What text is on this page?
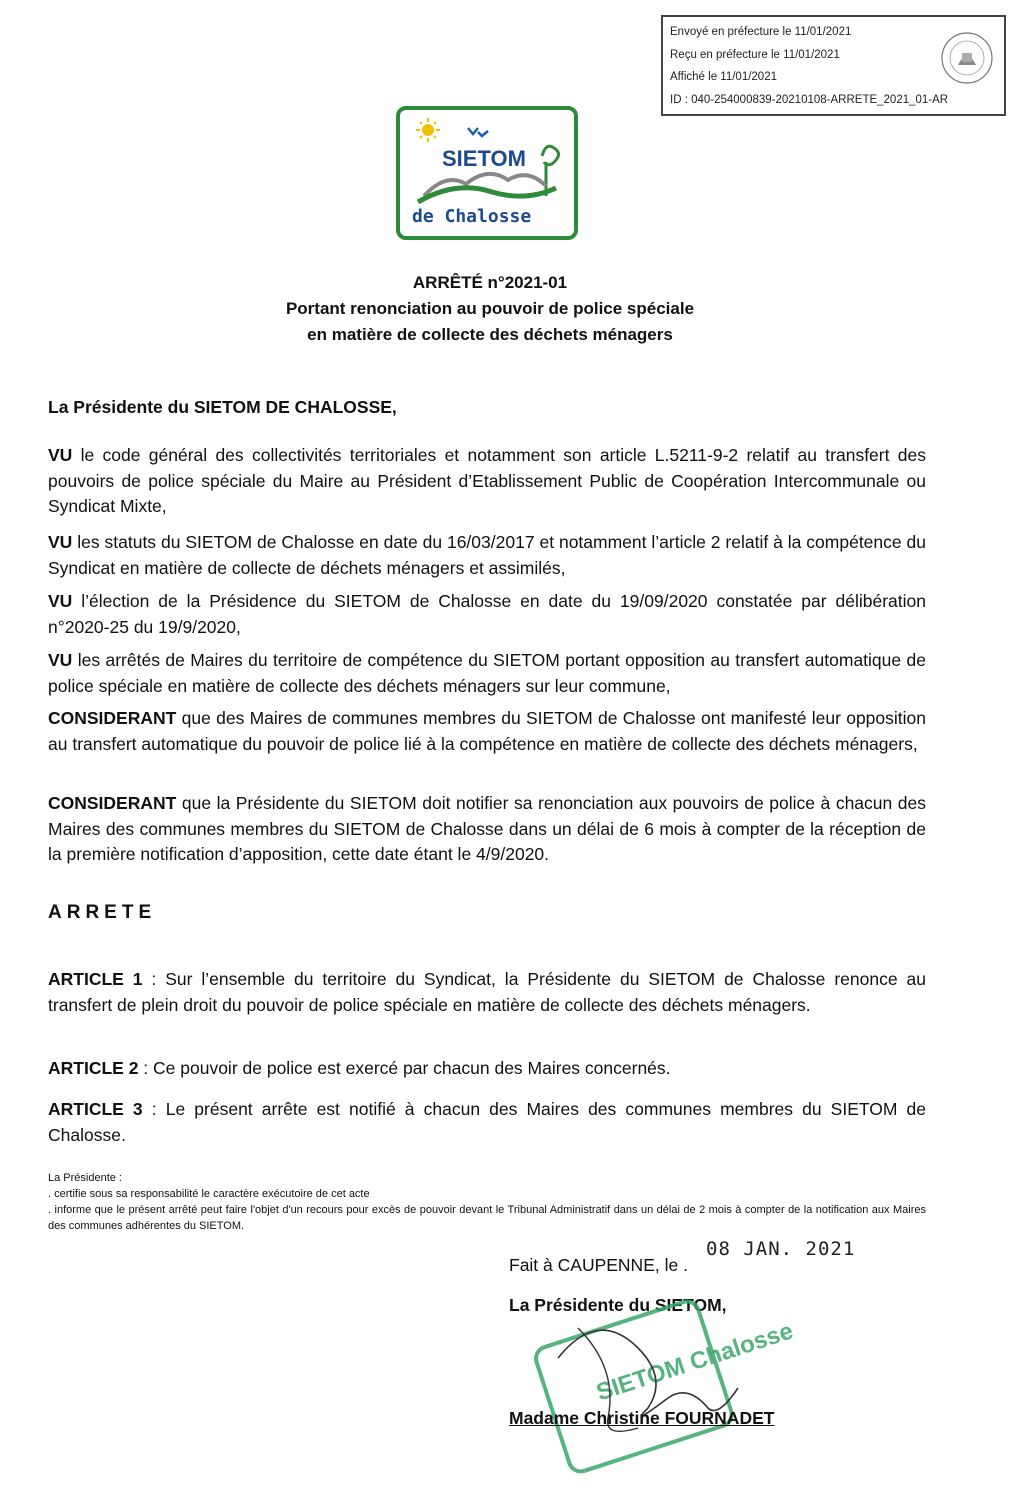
Envoyé en préfecture le 11/01/2021
Reçu en préfecture le 11/01/2021
Affiché le 11/01/2021
ID : 040-254000839-20210108-ARRETE_2021_01-AR
SIETOM
de Chalosse
ARRÊTÉ n°2021-01
Portant renonciation au pouvoir de police spéciale
en matière de collecte des déchets ménagers
La Présidente du SIETOM DE CHALOSSE,
VU le code général des collectivités territoriales et notamment son article L.5211-9-2 relatif au transfert des pouvoirs de police spéciale du Maire au Président d’Etablissement Public de Coopération Intercommunale ou Syndicat Mixte,
VU les statuts du SIETOM de Chalosse en date du 16/03/2017 et notamment l’article 2 relatif à la compétence du Syndicat en matière de collecte de déchets ménagers et assimilés,
VU l’élection de la Présidence du SIETOM de Chalosse en date du 19/09/2020 constatée par délibération n°2020-25 du 19/9/2020,
VU les arrêtés de Maires du territoire de compétence du SIETOM portant opposition au transfert automatique de police spéciale en matière de collecte des déchets ménagers sur leur commune,
CONSIDERANT que des Maires de communes membres du SIETOM de Chalosse ont manifesté leur opposition au transfert automatique du pouvoir de police lié à la compétence en matière de collecte des déchets ménagers,
CONSIDERANT que la Présidente du SIETOM doit notifier sa renonciation aux pouvoirs de police à chacun des Maires des communes membres du SIETOM de Chalosse dans un délai de 6 mois à compter de la réception de la première notification d’apposition, cette date étant le 4/9/2020.
ARRETE
ARTICLE 1 : Sur l’ensemble du territoire du Syndicat, la Présidente du SIETOM de Chalosse renonce au transfert de plein droit du pouvoir de police spéciale en matière de collecte des déchets ménagers.
ARTICLE 2 : Ce pouvoir de police est exercé par chacun des Maires concernés.
ARTICLE 3 : Le présent arrête est notifié à chacun des Maires des communes membres du SIETOM de Chalosse.
La Présidente :
. certifie sous sa responsabilité le caractère exécutoire de cet acte
. informe que le présent arrêté peut faire l'objet d'un recours pour excès de pouvoir devant le Tribunal Administratif dans un délai de 2 mois à compter de la notification aux Maires des communes adhérentes du SIETOM.
Fait à CAUPENNE, le .
08 JAN. 2021
La Présidente du SIETOM,
SIETOM Chalosse
Madame Christine FOURNADET
